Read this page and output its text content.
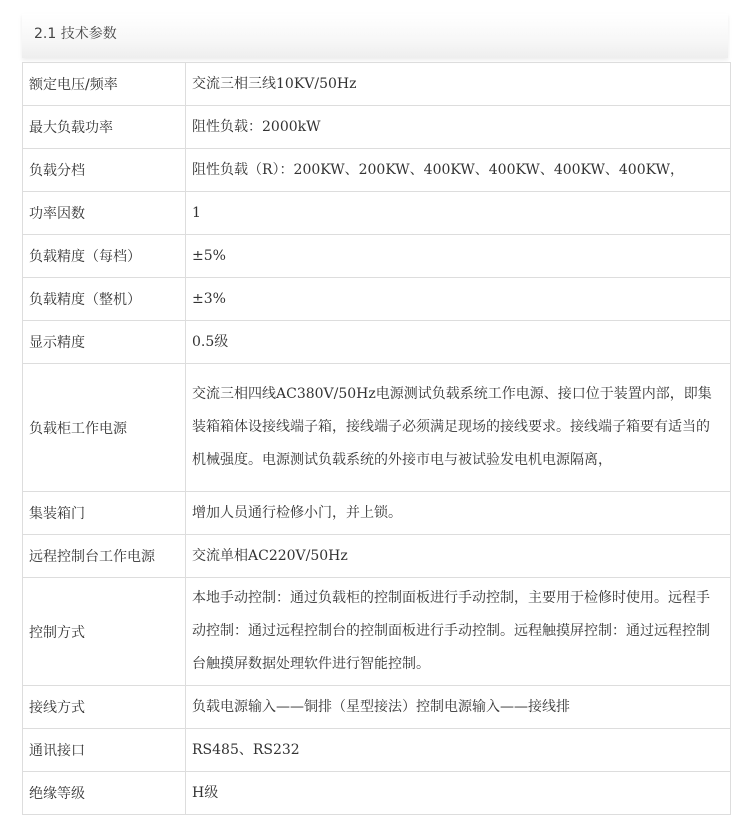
2.1 技术参数
额定电压/频率	交流三相三线10KV/50Hz
最大负载功率	阻性负载：2000kW
负载分档	阻性负载（R）：200KW、200KW、400KW、400KW、400KW、400KW，
功率因数	1
负载精度（每档）	±5%
负载精度（整机）	±3%
显示精度	0.5级
负载柜工作电源	交流三相四线AC380V/50Hz电源测试负载系统工作电源、接口位于装置内部，即集装箱箱体设接线端子箱，接线端子必须满足现场的接线要求。接线端子箱要有适当的机械强度。电源测试负载系统的外接市电与被试验发电机电源隔离，
集装箱门	增加人员通行检修小门，并上锁。
远程控制台工作电源	交流单相AC220V/50Hz
控制方式	本地手动控制：通过负载柜的控制面板进行手动控制，主要用于检修时使用。远程手动控制：通过远程控制台的控制面板进行手动控制。远程触摸屏控制：通过远程控制台触摸屏数据处理软件进行智能控制。
接线方式	负载电源输入——铜排（星型接法）控制电源输入——接线排
通讯接口	RS485、RS232
绝缘等级	H级
